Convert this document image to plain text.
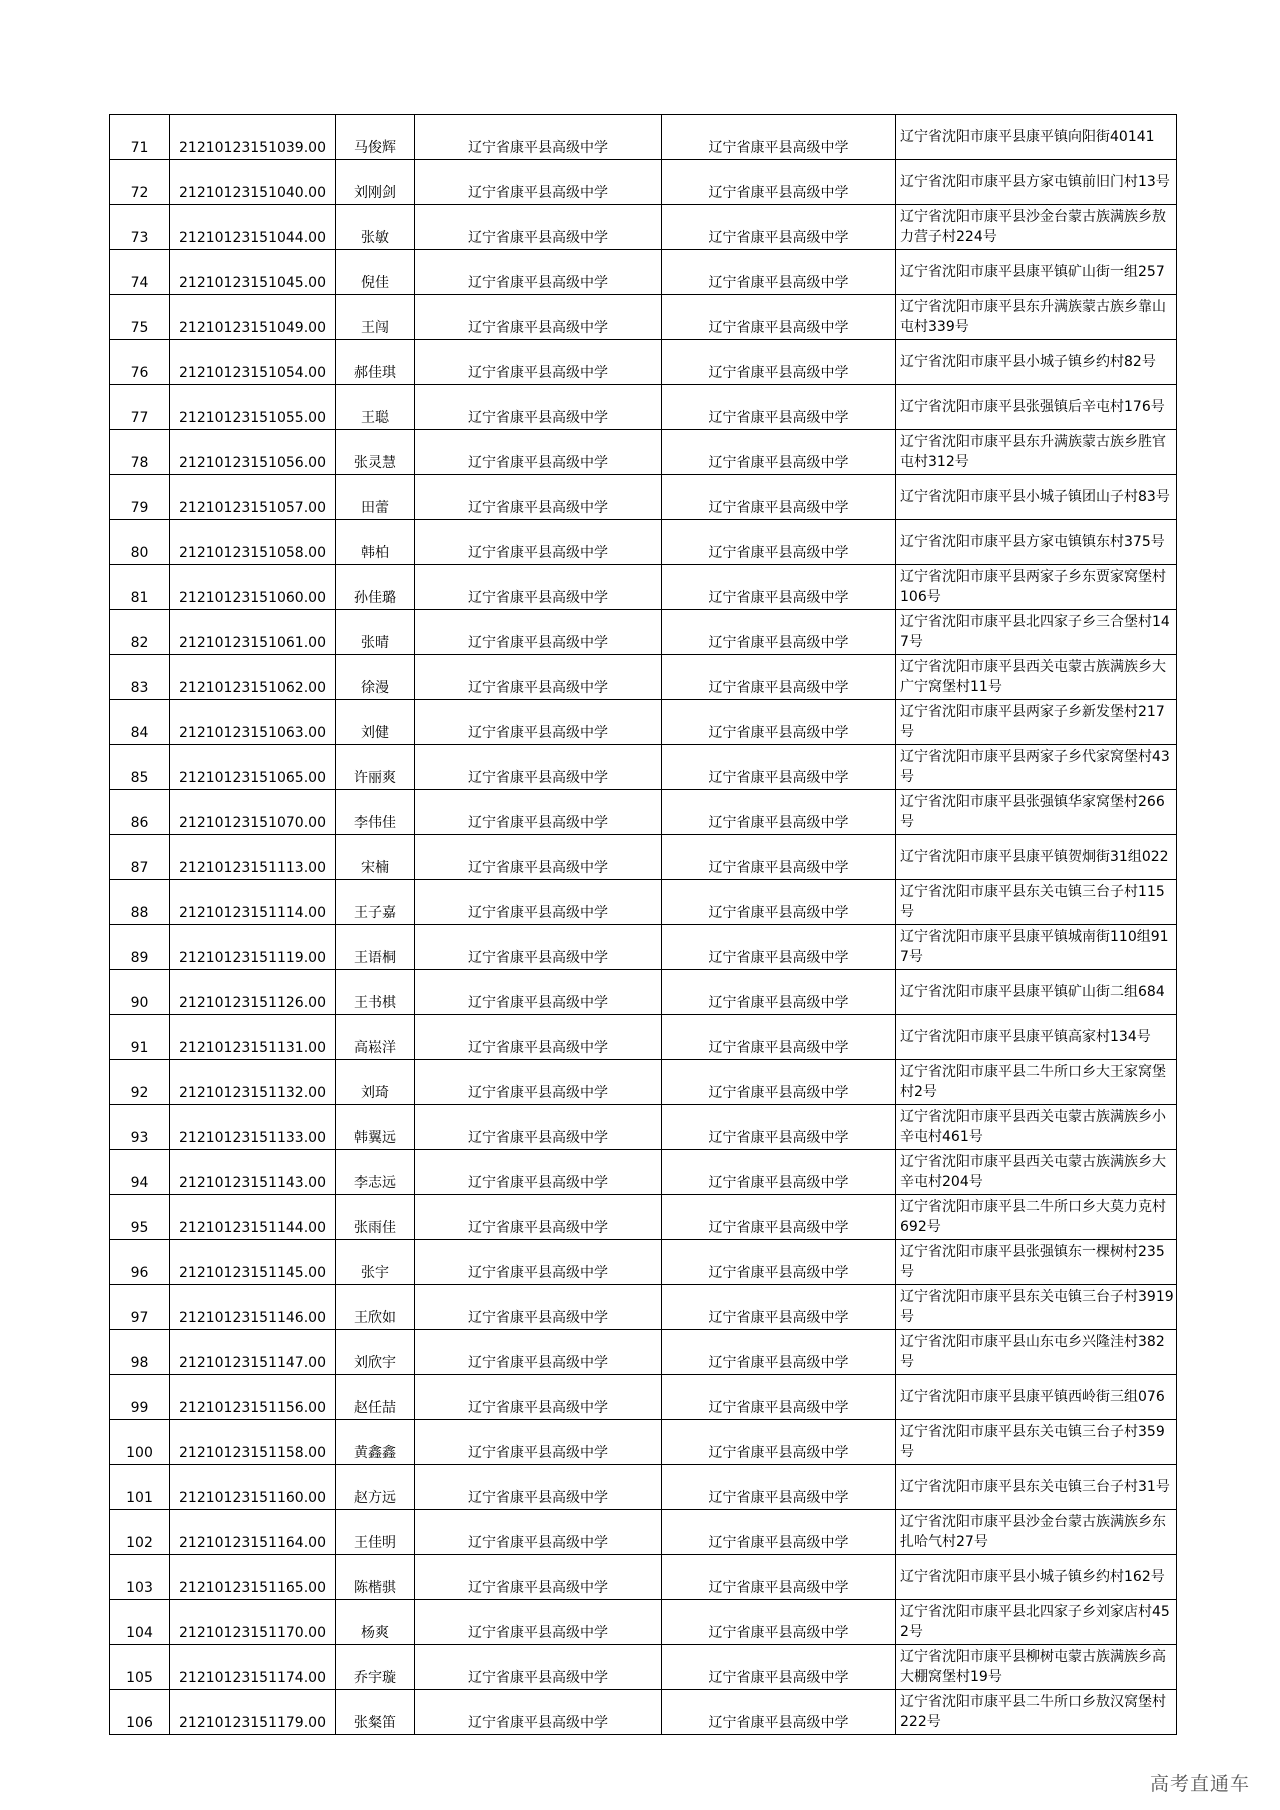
71	21210123151039.00	马俊辉	辽宁省康平县高级中学	辽宁省康平县高级中学	辽宁省沈阳市康平县康平镇向阳街40141
72	21210123151040.00	刘刚剑	辽宁省康平县高级中学	辽宁省康平县高级中学	辽宁省沈阳市康平县方家屯镇前旧门村13号
73	21210123151044.00	张敏	辽宁省康平县高级中学	辽宁省康平县高级中学	辽宁省沈阳市康平县沙金台蒙古族满族乡敖力营子村224号
74	21210123151045.00	倪佳	辽宁省康平县高级中学	辽宁省康平县高级中学	辽宁省沈阳市康平县康平镇矿山街一组257
75	21210123151049.00	王闯	辽宁省康平县高级中学	辽宁省康平县高级中学	辽宁省沈阳市康平县东升满族蒙古族乡靠山屯村339号
76	21210123151054.00	郝佳琪	辽宁省康平县高级中学	辽宁省康平县高级中学	辽宁省沈阳市康平县小城子镇乡约村82号
77	21210123151055.00	王聪	辽宁省康平县高级中学	辽宁省康平县高级中学	辽宁省沈阳市康平县张强镇后辛屯村176号
78	21210123151056.00	张灵慧	辽宁省康平县高级中学	辽宁省康平县高级中学	辽宁省沈阳市康平县东升满族蒙古族乡胜官屯村312号
79	21210123151057.00	田蕾	辽宁省康平县高级中学	辽宁省康平县高级中学	辽宁省沈阳市康平县小城子镇团山子村83号
80	21210123151058.00	韩柏	辽宁省康平县高级中学	辽宁省康平县高级中学	辽宁省沈阳市康平县方家屯镇镇东村375号
81	21210123151060.00	孙佳璐	辽宁省康平县高级中学	辽宁省康平县高级中学	辽宁省沈阳市康平县两家子乡东贾家窝堡村106号
82	21210123151061.00	张晴	辽宁省康平县高级中学	辽宁省康平县高级中学	辽宁省沈阳市康平县北四家子乡三合堡村147号
83	21210123151062.00	徐漫	辽宁省康平县高级中学	辽宁省康平县高级中学	辽宁省沈阳市康平县西关屯蒙古族满族乡大广宁窝堡村11号
84	21210123151063.00	刘健	辽宁省康平县高级中学	辽宁省康平县高级中学	辽宁省沈阳市康平县两家子乡新发堡村217号
85	21210123151065.00	许丽爽	辽宁省康平县高级中学	辽宁省康平县高级中学	辽宁省沈阳市康平县两家子乡代家窝堡村43号
86	21210123151070.00	李伟佳	辽宁省康平县高级中学	辽宁省康平县高级中学	辽宁省沈阳市康平县张强镇华家窝堡村266号
87	21210123151113.00	宋楠	辽宁省康平县高级中学	辽宁省康平县高级中学	辽宁省沈阳市康平县康平镇贺炯街31组022
88	21210123151114.00	王子嘉	辽宁省康平县高级中学	辽宁省康平县高级中学	辽宁省沈阳市康平县东关屯镇三台子村115号
89	21210123151119.00	王语桐	辽宁省康平县高级中学	辽宁省康平县高级中学	辽宁省沈阳市康平县康平镇城南街110组917号
90	21210123151126.00	王书棋	辽宁省康平县高级中学	辽宁省康平县高级中学	辽宁省沈阳市康平县康平镇矿山街二组684
91	21210123151131.00	高崧洋	辽宁省康平县高级中学	辽宁省康平县高级中学	辽宁省沈阳市康平县康平镇高家村134号
92	21210123151132.00	刘琦	辽宁省康平县高级中学	辽宁省康平县高级中学	辽宁省沈阳市康平县二牛所口乡大王家窝堡村2号
93	21210123151133.00	韩翼远	辽宁省康平县高级中学	辽宁省康平县高级中学	辽宁省沈阳市康平县西关屯蒙古族满族乡小辛屯村461号
94	21210123151143.00	李志远	辽宁省康平县高级中学	辽宁省康平县高级中学	辽宁省沈阳市康平县西关屯蒙古族满族乡大辛屯村204号
95	21210123151144.00	张雨佳	辽宁省康平县高级中学	辽宁省康平县高级中学	辽宁省沈阳市康平县二牛所口乡大莫力克村692号
96	21210123151145.00	张宇	辽宁省康平县高级中学	辽宁省康平县高级中学	辽宁省沈阳市康平县张强镇东一棵树村235号
97	21210123151146.00	王欣如	辽宁省康平县高级中学	辽宁省康平县高级中学	辽宁省沈阳市康平县东关屯镇三台子村3919号
98	21210123151147.00	刘欣宇	辽宁省康平县高级中学	辽宁省康平县高级中学	辽宁省沈阳市康平县山东屯乡兴隆洼村382号
99	21210123151156.00	赵任喆	辽宁省康平县高级中学	辽宁省康平县高级中学	辽宁省沈阳市康平县康平镇西岭街三组076
100	21210123151158.00	黄鑫鑫	辽宁省康平县高级中学	辽宁省康平县高级中学	辽宁省沈阳市康平县东关屯镇三台子村359号
101	21210123151160.00	赵方远	辽宁省康平县高级中学	辽宁省康平县高级中学	辽宁省沈阳市康平县东关屯镇三台子村31号
102	21210123151164.00	王佳明	辽宁省康平县高级中学	辽宁省康平县高级中学	辽宁省沈阳市康平县沙金台蒙古族满族乡东扎哈气村27号
103	21210123151165.00	陈楷骐	辽宁省康平县高级中学	辽宁省康平县高级中学	辽宁省沈阳市康平县小城子镇乡约村162号
104	21210123151170.00	杨爽	辽宁省康平县高级中学	辽宁省康平县高级中学	辽宁省沈阳市康平县北四家子乡刘家店村452号
105	21210123151174.00	乔宇璇	辽宁省康平县高级中学	辽宁省康平县高级中学	辽宁省沈阳市康平县柳树屯蒙古族满族乡高大棚窝堡村19号
106	21210123151179.00	张粲笛	辽宁省康平县高级中学	辽宁省康平县高级中学	辽宁省沈阳市康平县二牛所口乡敖汉窝堡村222号
高考直通车
